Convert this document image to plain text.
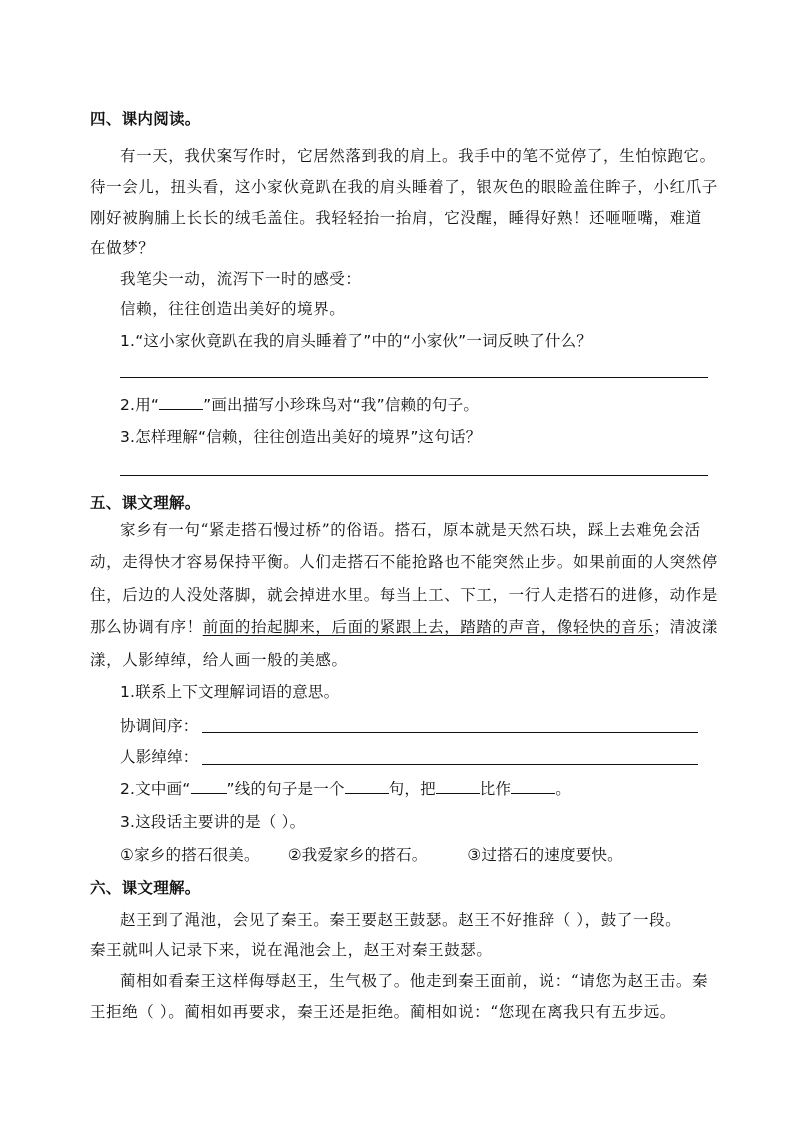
四、课内阅读。
有一天，我伏案写作时，它居然落到我的肩上。我手中的笔不觉停了，生怕惊跑它。
待一会儿，扭头看，这小家伙竟趴在我的肩头睡着了，银灰色的眼睑盖住眸子，小红爪子
刚好被胸脯上长长的绒毛盖住。我轻轻抬一抬肩，它没醒，睡得好熟！还咂咂嘴，难道
在做梦？
我笔尖一动，流泻下一时的感受：
信赖，往往创造出美好的境界。
1.“这小家伙竟趴在我的肩头睡着了”中的“小家伙”一词反映了什么？
2.用“	”画出描写小珍珠鸟对“我”信赖的句子。
3.怎样理解“信赖，往往创造出美好的境界”这句话？
五、课文理解。
家乡有一句“紧走搭石慢过桥”的俗语。搭石，原本就是天然石块，踩上去难免会活
动，走得快才容易保持平衡。人们走搭石不能抢路也不能突然止步。如果前面的人突然停
住，后边的人没处落脚，就会掉进水里。每当上工、下工，一行人走搭石的进修，动作是
那么协调有序！前面的抬起脚来，后面的紧跟上去，踏踏的声音，像轻快的音乐；清波漾
漾，人影绰绰，给人画一般的美感。
1.联系上下文理解词语的意思。
协调间序：
人影绰绰：
2.文中画“ ”线的句子是一个	句，把	比作	。
3.这段话主要讲的是（ ）。
①家乡的搭石很美。 ②我爱家乡的搭石。	③过搭石的速度要快。
六、课文理解。
赵王到了渑池，会见了秦王。秦王要赵王鼓瑟。赵王不好推辞（ ），鼓了一段。
秦王就叫人记录下来，说在渑池会上，赵王对秦王鼓瑟。
蔺相如看秦王这样侮辱赵王，生气极了。他走到秦王面前，说：“请您为赵王击。秦
王拒绝（ ）。蔺相如再要求，秦王还是拒绝。蔺相如说：“您现在离我只有五步远。
